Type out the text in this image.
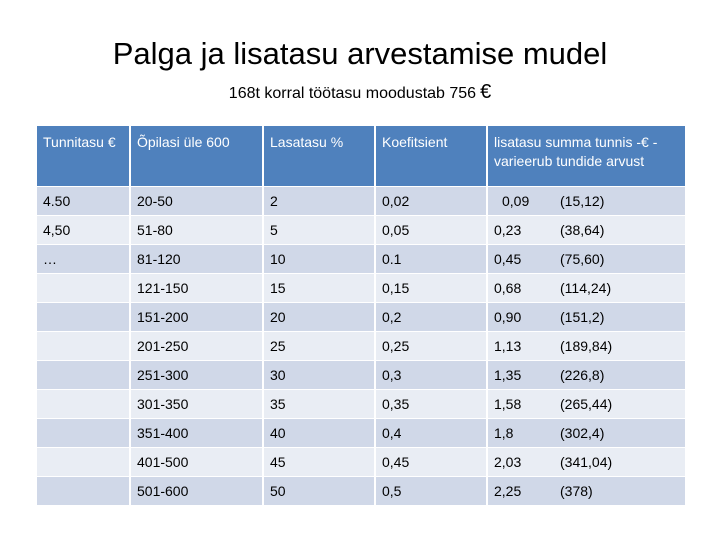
Palga ja lisatasu arvestamise mudel
168t korral töötasu moodustab 756 €
Tunnitasu €	Õpilasi üle 600	Lasatasu %	Koefitsient	lisatasu summa tunnis -€ - varieerub tundide arvust
4.50	20-50	2	0,02	0,09 (15,12)
4,50	51-80	5	0,05	0,23 (38,64)
…	81-120	10	0.1	0,45 (75,60)
	121-150	15	0,15	0,68 (114,24)
	151-200	20	0,2	0,90 (151,2)
	201-250	25	0,25	1,13 (189,84)
	251-300	30	0,3	1,35 (226,8)
	301-350	35	0,35	1,58 (265,44)
	351-400	40	0,4	1,8 (302,4)
	401-500	45	0,45	2,03 (341,04)
	501-600	50	0,5	2,25 (378)
